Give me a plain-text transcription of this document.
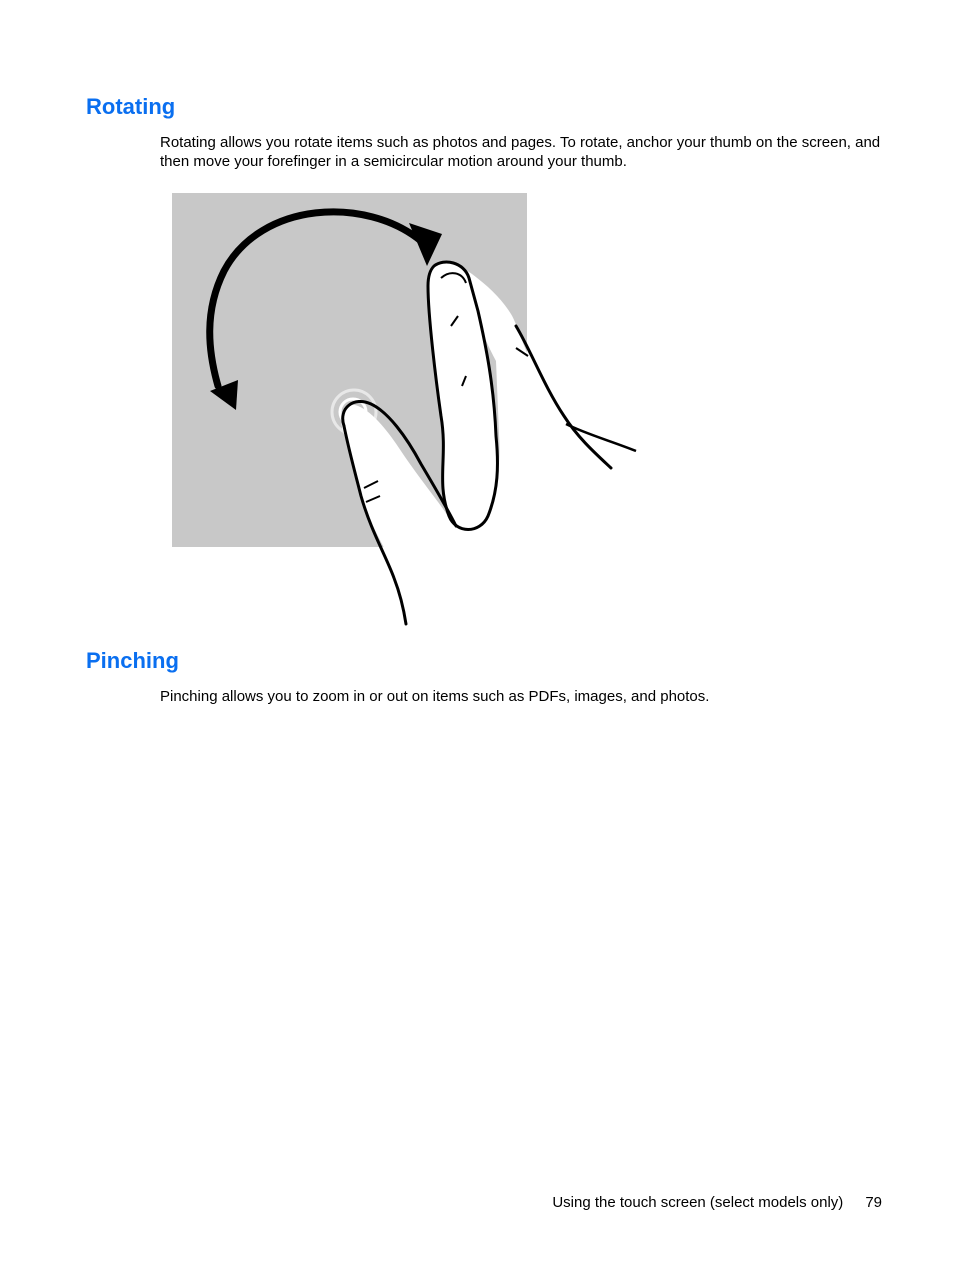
Rotating

Rotating allows you rotate items such as photos and pages. To rotate, anchor your thumb on the screen, and then move your forefinger in a semicircular motion around your thumb.

Pinching

Pinching allows you to zoom in or out on items such as PDFs, images, and photos.

Using the touch screen (select models only) 79
